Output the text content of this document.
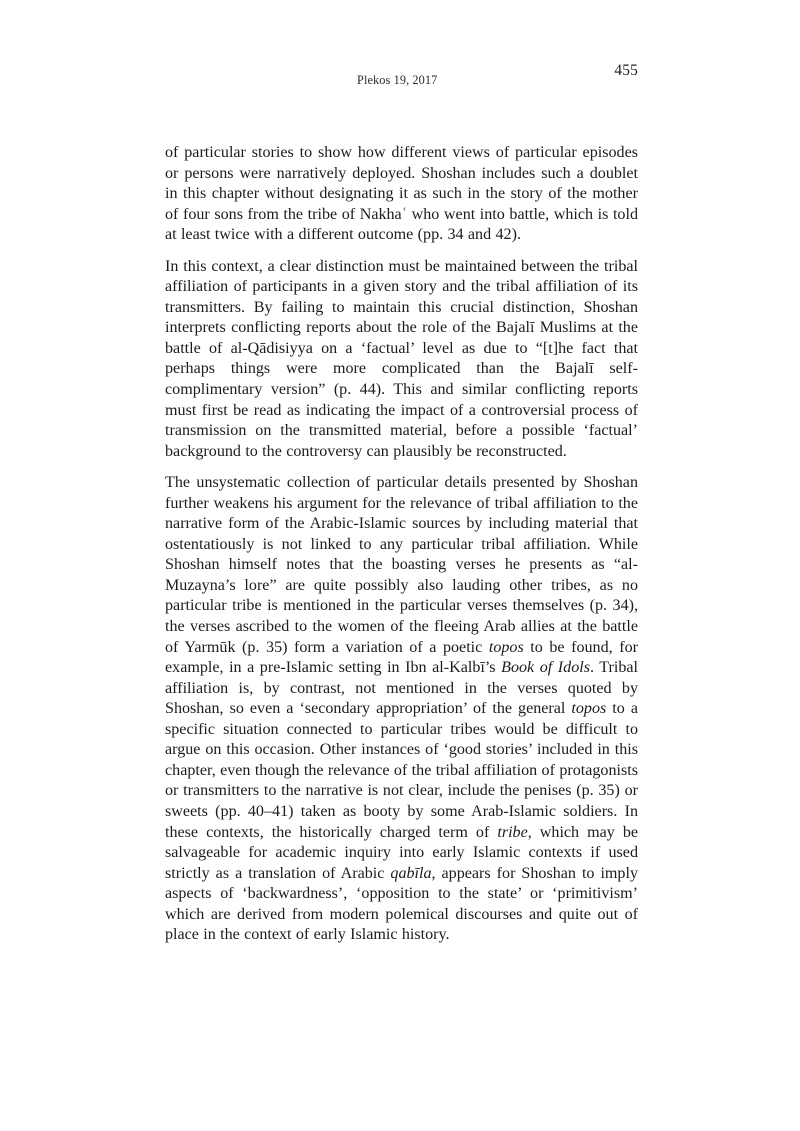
Plekos 19, 2017
455

of particular stories to show how different views of particular episodes or persons were narratively deployed. Shoshan includes such a doublet in this chapter without designating it as such in the story of the mother of four sons from the tribe of Nakhaʿ who went into battle, which is told at least twice with a different outcome (pp. 34 and 42).

In this context, a clear distinction must be maintained between the tribal affiliation of participants in a given story and the tribal affiliation of its transmitters. By failing to maintain this crucial distinction, Shoshan interprets conflicting reports about the role of the Bajalī Muslims at the battle of al-Qādisiyya on a ‘factual’ level as due to “[t]he fact that perhaps things were more complicated than the Bajalī self-complimentary version” (p. 44). This and similar conflicting reports must first be read as indicating the impact of a controversial process of transmission on the transmitted material, before a possible ‘factual’ background to the controversy can plausibly be reconstructed.

The unsystematic collection of particular details presented by Shoshan further weakens his argument for the relevance of tribal affiliation to the narrative form of the Arabic-Islamic sources by including material that ostentatiously is not linked to any particular tribal affiliation. While Shoshan himself notes that the boasting verses he presents as “al-Muzayna’s lore” are quite possibly also lauding other tribes, as no particular tribe is mentioned in the particular verses themselves (p. 34), the verses ascribed to the women of the fleeing Arab allies at the battle of Yarmūk (p. 35) form a variation of a poetic topos to be found, for example, in a pre-Islamic setting in Ibn al-Kalbī’s Book of Idols. Tribal affiliation is, by contrast, not mentioned in the verses quoted by Shoshan, so even a ‘secondary appropriation’ of the general topos to a specific situation connected to particular tribes would be difficult to argue on this occasion. Other instances of ‘good stories’ included in this chapter, even though the relevance of the tribal affiliation of protagonists or transmitters to the narrative is not clear, include the penises (p. 35) or sweets (pp. 40–41) taken as booty by some Arab-Islamic soldiers. In these contexts, the historically charged term of tribe, which may be salvageable for academic inquiry into early Islamic contexts if used strictly as a translation of Arabic qabīla, appears for Shoshan to imply aspects of ‘backwardness’, ‘opposition to the state’ or ‘primitivism’ which are derived from modern polemical discourses and quite out of place in the context of early Islamic history.
